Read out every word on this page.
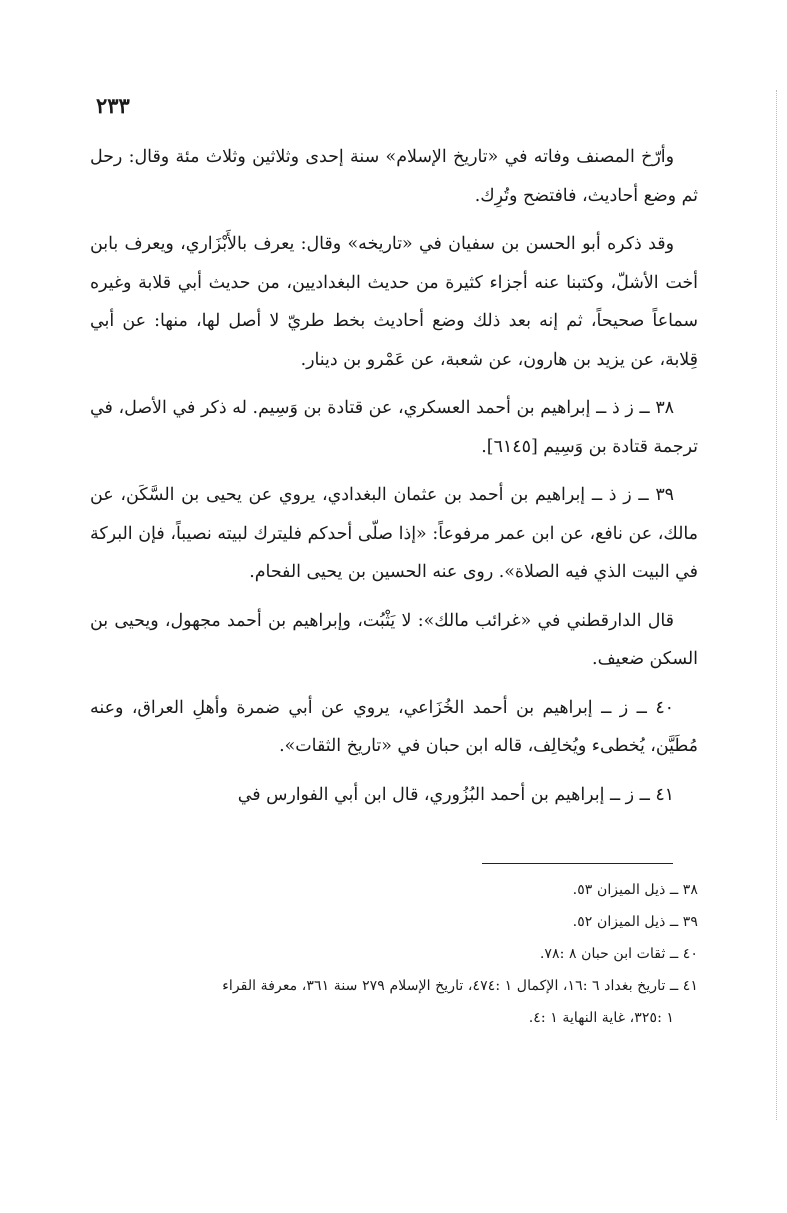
٢٣٣

وأرّخ المصنف وفاته في «تاريخ الإسلام» سنة إحدى وثلاثين وثلاث مئة وقال: رحل ثم وضع أحاديث، فافتضح وتُرِك.

وقد ذكره أبو الحسن بن سفيان في «تاريخه» وقال: يعرف بالأَبْزَاري، ويعرف بابن أخت الأشلّ، وكتبنا عنه أجزاء كثيرة من حديث البغداديين، من حديث أبي قلابة وغيره سماعاً صحيحاً، ثم إنه بعد ذلك وضع أحاديث بخط طريّ لا أصل لها، منها: عن أبي قِلابة، عن يزيد بن هارون، عن شعبة، عن عَمْرو بن دينار.

٣٨ ــ ز ذ ــ إبراهيم بن أحمد العسكري، عن قتادة بن وَسِيم. له ذكر في الأصل، في ترجمة قتادة بن وَسِيم [٦١٤٥].

٣٩ ــ ز ذ ــ إبراهيم بن أحمد بن عثمان البغدادي، يروي عن يحيى بن السَّكَن، عن مالك، عن نافع، عن ابن عمر مرفوعاً: «إذا صلّى أحدكم فليترك لبيته نصيباً، فإن البركة في البيت الذي فيه الصلاة». روى عنه الحسين بن يحيى الفحام.

قال الدارقطني في «غرائب مالك»: لا يَثْبُت، وإبراهيم بن أحمد مجهول، ويحيى بن السكن ضعيف.

٤٠ ــ ز ــ إبراهيم بن أحمد الخُزَاعي، يروي عن أبي ضمرة وأهلِ العراق، وعنه مُطَيَّن، يُخطىء ويُخالِف، قاله ابن حبان في «تاريخ الثقات».

٤١ ــ ز ــ إبراهيم بن أحمد البُزُوري، قال ابن أبي الفوارس في

٣٨ ــ ذيل الميزان ٥٣.

٣٩ ــ ذيل الميزان ٥٢.

٤٠ ــ ثقات ابن حبان ٨ :٧٨.

٤١ ــ تاريخ بغداد ٦ :١٦، الإكمال ١ :٤٧٤، تاريخ الإسلام ٢٧٩ سنة ٣٦١، معرفة القراء

١ :٣٢٥، غاية النهاية ١ :٤.
